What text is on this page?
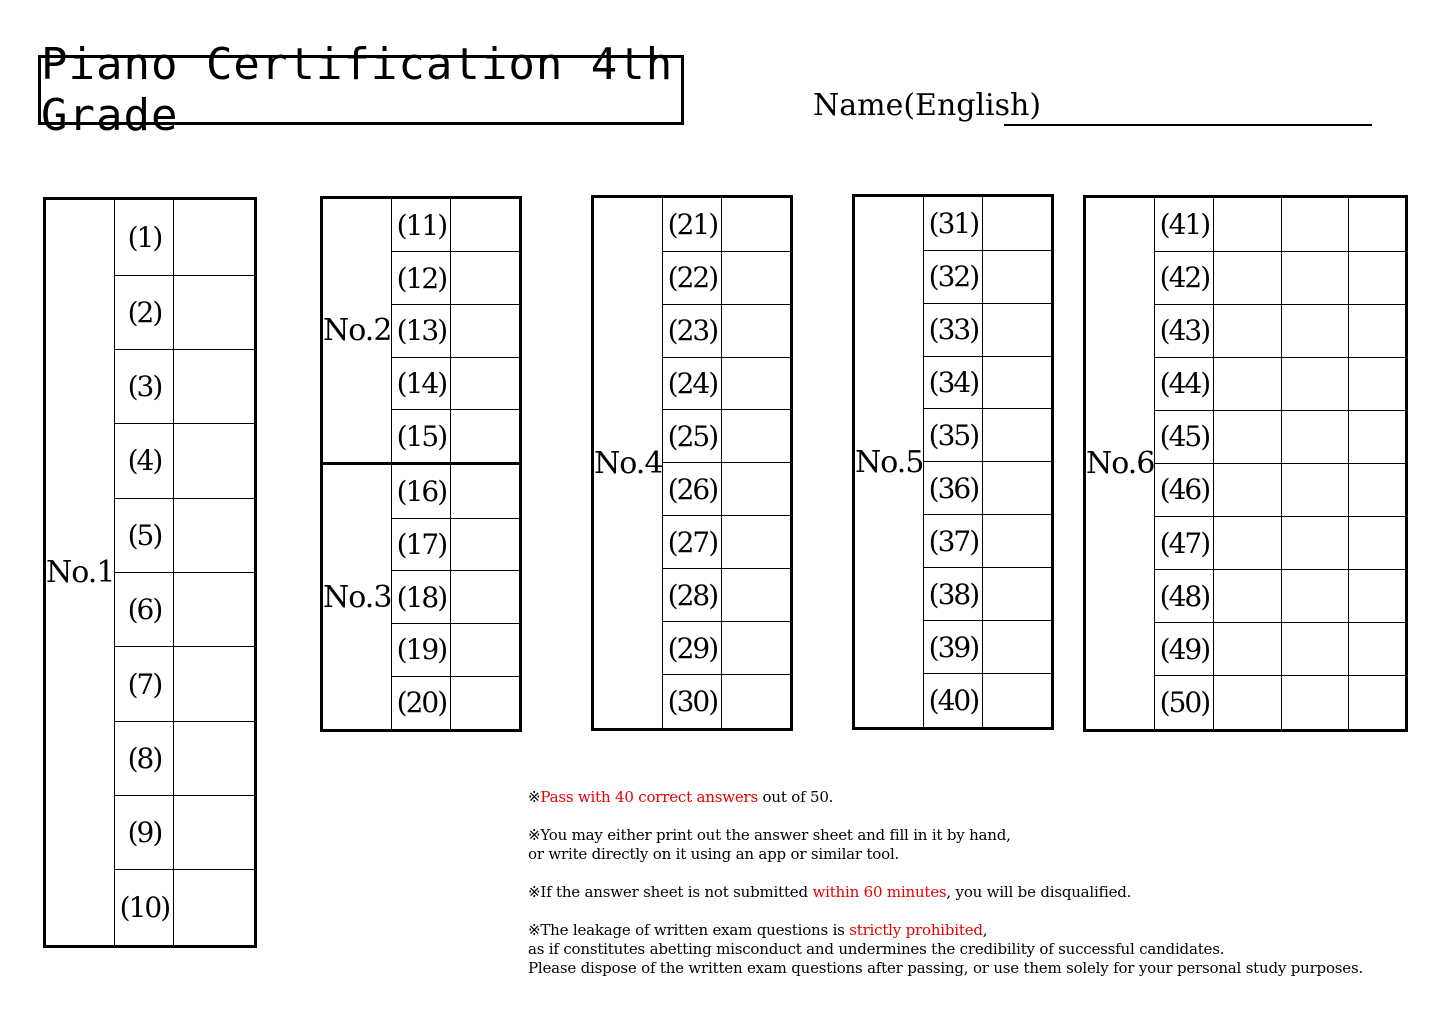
Piano Certification 4th Grade	Name(English)
No.1	(1)	
	(2)	
	(3)	
	(4)	
	(5)	
	(6)	
	(7)	
	(8)	
	(9)	
	(10)	
No.2	(11)	
	(12)	
	(13)	
	(14)	
	(15)	
No.3	(16)	
	(17)	
	(18)	
	(19)	
	(20)	
No.4	(21)	
	(22)	
	(23)	
	(24)	
	(25)	
	(26)	
	(27)	
	(28)	
	(29)	
	(30)	
No.5	(31)	
	(32)	
	(33)	
	(34)	
	(35)	
	(36)	
	(37)	
	(38)	
	(39)	
	(40)	
No.6	(41)			
	(42)			
	(43)			
	(44)			
	(45)			
	(46)			
	(47)			
	(48)			
	(49)			
	(50)			

※Pass with 40 correct answers out of 50.

※You may either print out the answer sheet and fill in it by hand,
or write directly on it using an app or similar tool.

※If the answer sheet is not submitted within 60 minutes, you will be disqualified.

※The leakage of written exam questions is strictly prohibited,
as if constitutes abetting misconduct and undermines the credibility of successful candidates.
Please dispose of the written exam questions after passing, or use them solely for your personal study purposes.
